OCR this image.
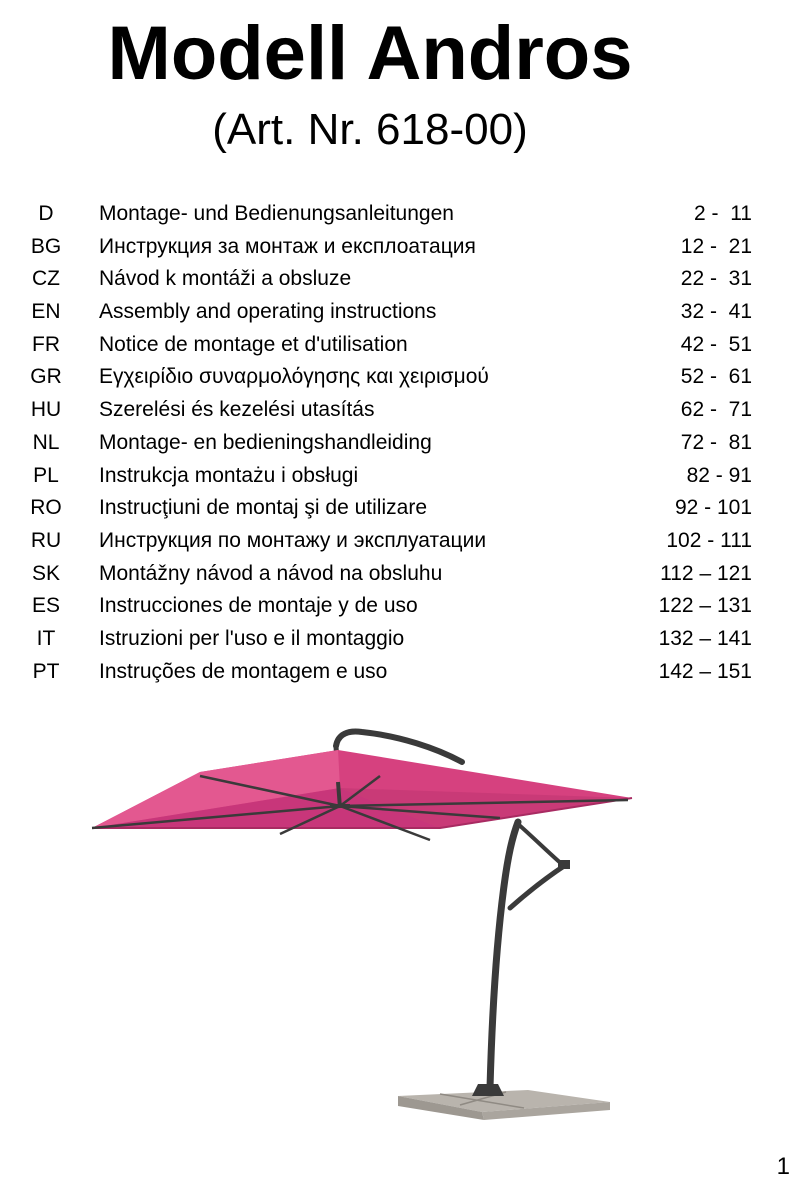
Modell Andros

(Art. Nr. 618-00)

D	Montage- und Bedienungsanleitungen	2 -  11
BG	Инструкция за монтаж и експлоатация	12 -  21
CZ	Návod k montáži a obsluze	22 -  31
EN	Assembly and operating instructions	32 -  41
FR	Notice de montage et d'utilisation	42 -  51
GR	Εγχειρίδιο συναρμολόγησης και χειρισμού	52 -  61
HU	Szerelési és kezelési utasítás	62 -  71
NL	Montage- en bedieningshandleiding	72 -  81
PL	Instrukcja montażu i obsługi	82 - 91
RO	Instrucţiuni de montaj şi de utilizare	92 - 101
RU	Инструкция по монтажу и эксплуатации	102 - 111
SK	Montážny návod a návod na obsluhu	112 – 121
ES	Instrucciones de montaje y de uso	122 – 131
IT	Istruzioni per l'uso e il montaggio	132 – 141
PT	Instruções de montagem e uso	142 – 151
1
